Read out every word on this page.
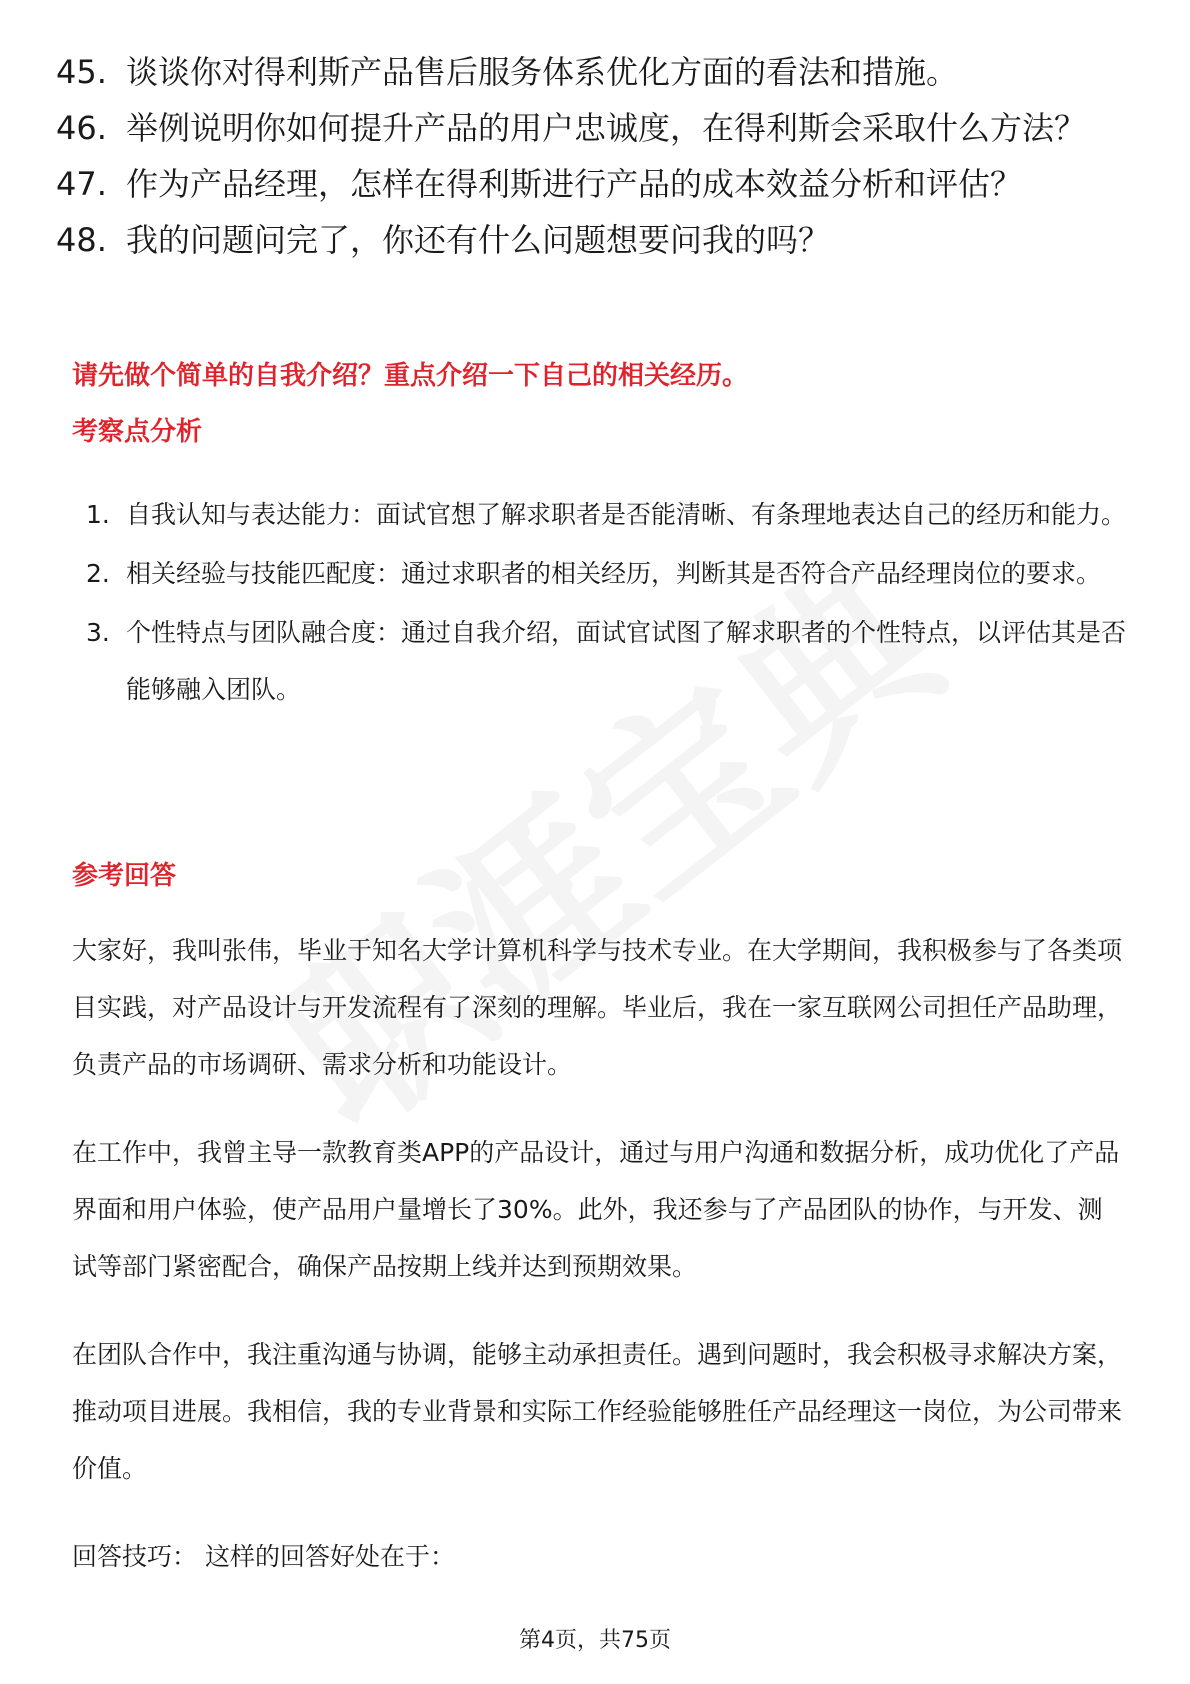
45. 谈谈你对得利斯产品售后服务体系优化方面的看法和措施。
46. 举例说明你如何提升产品的用户忠诚度，在得利斯会采取什么方法？
47. 作为产品经理，怎样在得利斯进行产品的成本效益分析和评估？
48. 我的问题问完了，你还有什么问题想要问我的吗？
请先做个简单的自我介绍？重点介绍一下自己的相关经历。
考察点分析
1. 自我认知与表达能力：面试官想了解求职者是否能清晰、有条理地表达自己的经历和能力。
2. 相关经验与技能匹配度：通过求职者的相关经历，判断其是否符合产品经理岗位的要求。
3. 个性特点与团队融合度：通过自我介绍，面试官试图了解求职者的个性特点，以评估其是否能够融入团队。
参考回答
大家好，我叫张伟，毕业于知名大学计算机科学与技术专业。在大学期间，我积极参与了各类项目实践，对产品设计与开发流程有了深刻的理解。毕业后，我在一家互联网公司担任产品助理，负责产品的市场调研、需求分析和功能设计。
在工作中，我曾主导一款教育类APP的产品设计，通过与用户沟通和数据分析，成功优化了产品界面和用户体验，使产品用户量增长了30%。此外，我还参与了产品团队的协作，与开发、测试等部门紧密配合，确保产品按期上线并达到预期效果。
在团队合作中，我注重沟通与协调，能够主动承担责任。遇到问题时，我会积极寻求解决方案，推动项目进展。我相信，我的专业背景和实际工作经验能够胜任产品经理这一岗位，为公司带来价值。
回答技巧： 这样的回答好处在于：
第4页，共75页
